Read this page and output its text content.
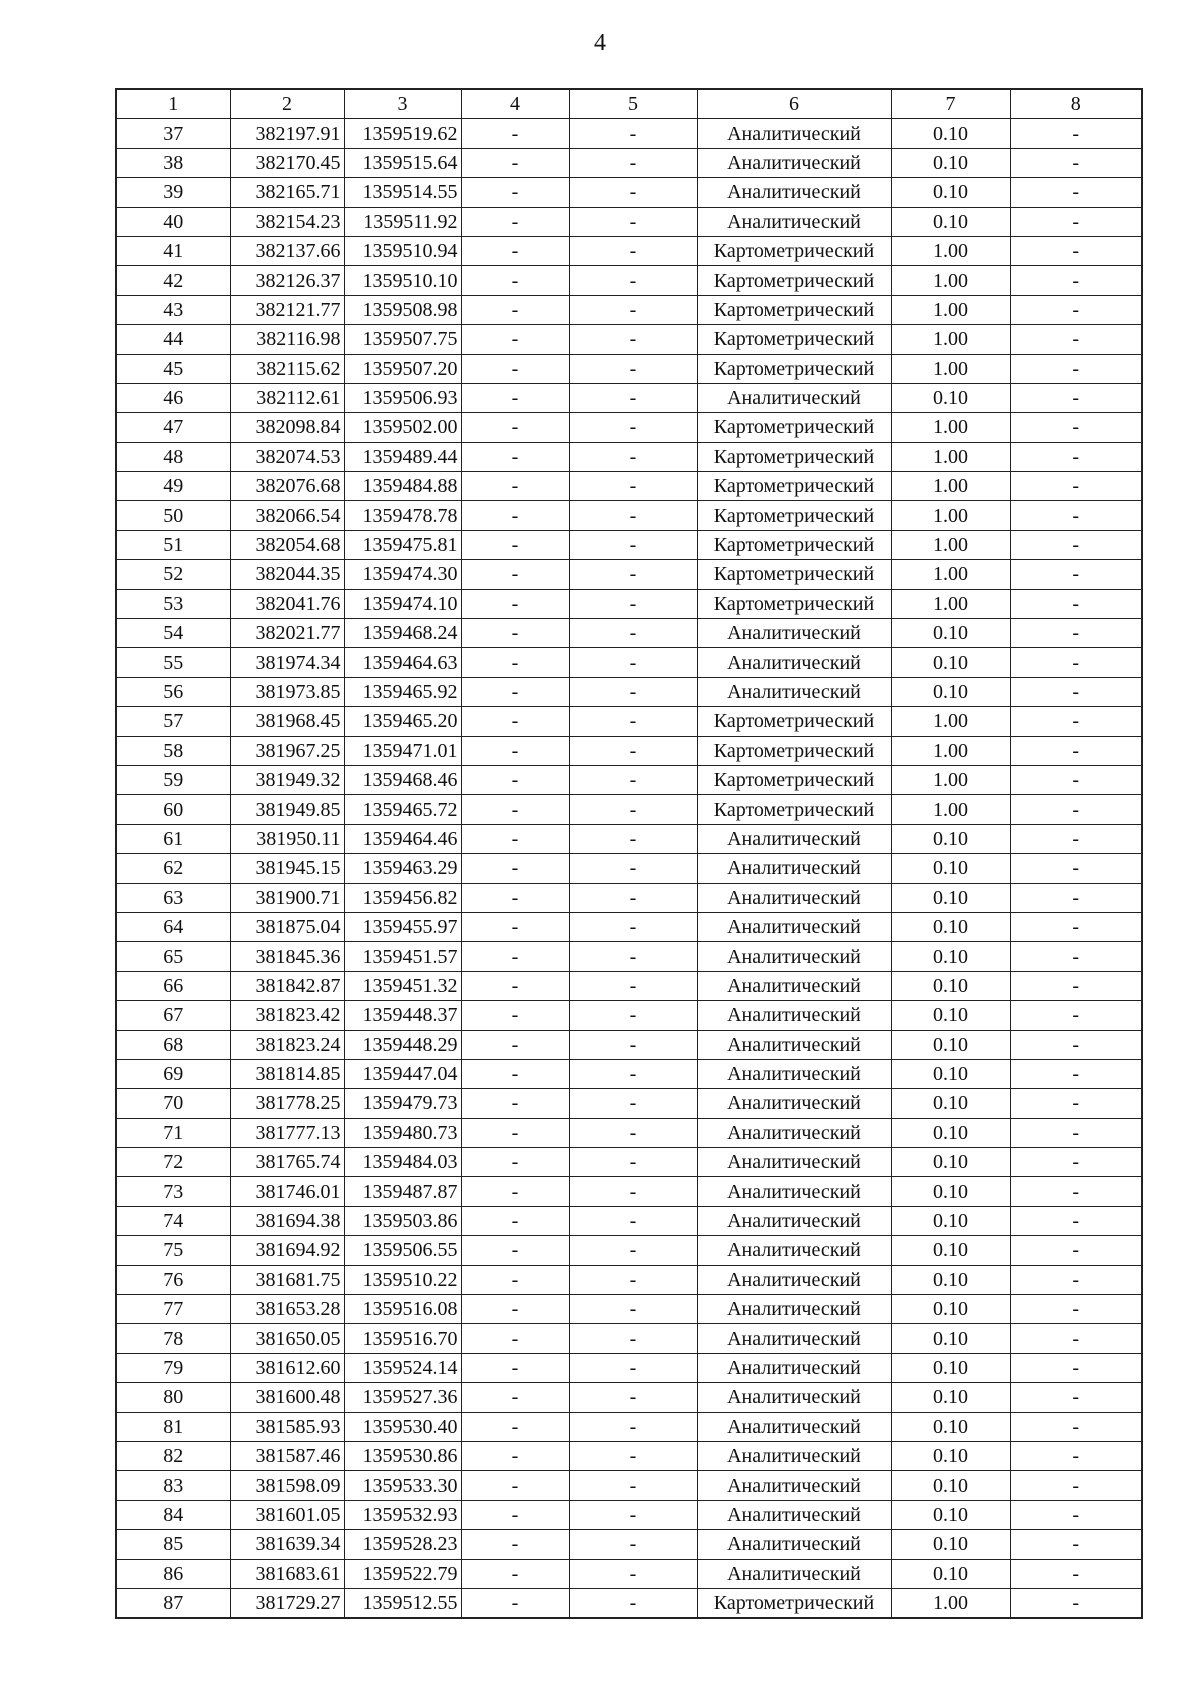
4
1	2	3	4	5	6	7	8
37	382197.91	1359519.62	-	-	Аналитический	0.10	-
38	382170.45	1359515.64	-	-	Аналитический	0.10	-
39	382165.71	1359514.55	-	-	Аналитический	0.10	-
40	382154.23	1359511.92	-	-	Аналитический	0.10	-
41	382137.66	1359510.94	-	-	Картометрический	1.00	-
42	382126.37	1359510.10	-	-	Картометрический	1.00	-
43	382121.77	1359508.98	-	-	Картометрический	1.00	-
44	382116.98	1359507.75	-	-	Картометрический	1.00	-
45	382115.62	1359507.20	-	-	Картометрический	1.00	-
46	382112.61	1359506.93	-	-	Аналитический	0.10	-
47	382098.84	1359502.00	-	-	Картометрический	1.00	-
48	382074.53	1359489.44	-	-	Картометрический	1.00	-
49	382076.68	1359484.88	-	-	Картометрический	1.00	-
50	382066.54	1359478.78	-	-	Картометрический	1.00	-
51	382054.68	1359475.81	-	-	Картометрический	1.00	-
52	382044.35	1359474.30	-	-	Картометрический	1.00	-
53	382041.76	1359474.10	-	-	Картометрический	1.00	-
54	382021.77	1359468.24	-	-	Аналитический	0.10	-
55	381974.34	1359464.63	-	-	Аналитический	0.10	-
56	381973.85	1359465.92	-	-	Аналитический	0.10	-
57	381968.45	1359465.20	-	-	Картометрический	1.00	-
58	381967.25	1359471.01	-	-	Картометрический	1.00	-
59	381949.32	1359468.46	-	-	Картометрический	1.00	-
60	381949.85	1359465.72	-	-	Картометрический	1.00	-
61	381950.11	1359464.46	-	-	Аналитический	0.10	-
62	381945.15	1359463.29	-	-	Аналитический	0.10	-
63	381900.71	1359456.82	-	-	Аналитический	0.10	-
64	381875.04	1359455.97	-	-	Аналитический	0.10	-
65	381845.36	1359451.57	-	-	Аналитический	0.10	-
66	381842.87	1359451.32	-	-	Аналитический	0.10	-
67	381823.42	1359448.37	-	-	Аналитический	0.10	-
68	381823.24	1359448.29	-	-	Аналитический	0.10	-
69	381814.85	1359447.04	-	-	Аналитический	0.10	-
70	381778.25	1359479.73	-	-	Аналитический	0.10	-
71	381777.13	1359480.73	-	-	Аналитический	0.10	-
72	381765.74	1359484.03	-	-	Аналитический	0.10	-
73	381746.01	1359487.87	-	-	Аналитический	0.10	-
74	381694.38	1359503.86	-	-	Аналитический	0.10	-
75	381694.92	1359506.55	-	-	Аналитический	0.10	-
76	381681.75	1359510.22	-	-	Аналитический	0.10	-
77	381653.28	1359516.08	-	-	Аналитический	0.10	-
78	381650.05	1359516.70	-	-	Аналитический	0.10	-
79	381612.60	1359524.14	-	-	Аналитический	0.10	-
80	381600.48	1359527.36	-	-	Аналитический	0.10	-
81	381585.93	1359530.40	-	-	Аналитический	0.10	-
82	381587.46	1359530.86	-	-	Аналитический	0.10	-
83	381598.09	1359533.30	-	-	Аналитический	0.10	-
84	381601.05	1359532.93	-	-	Аналитический	0.10	-
85	381639.34	1359528.23	-	-	Аналитический	0.10	-
86	381683.61	1359522.79	-	-	Аналитический	0.10	-
87	381729.27	1359512.55	-	-	Картометрический	1.00	-
